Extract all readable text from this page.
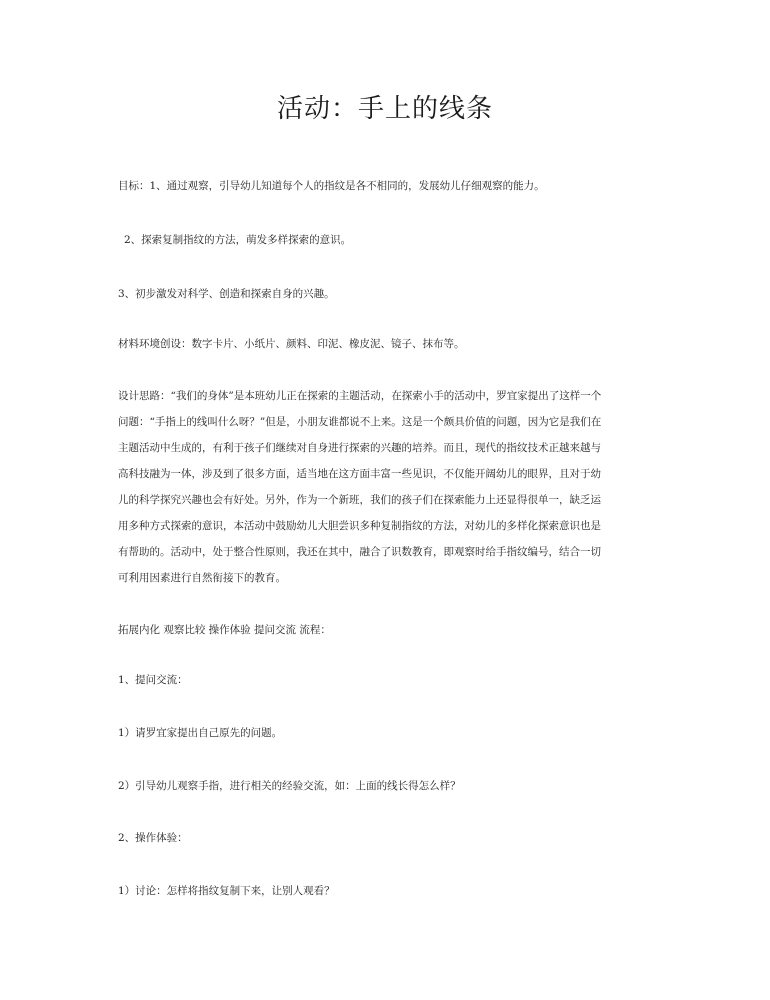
活动：手上的线条

目标：1、通过观察，引导幼儿知道每个人的指纹是各不相同的，发展幼儿仔细观察的能力。

2、探索复制指纹的方法，萌发多样探索的意识。

3、初步激发对科学、创造和探索自身的兴趣。

材料环境创设：数字卡片、小纸片、颜料、印泥、橡皮泥、镜子、抹布等。

设计思路：“我们的身体”是本班幼儿正在探索的主题活动，在探索小手的活动中，罗宜家提出了这样一个
问题：“手指上的线叫什么呀？”但是，小朋友谁都说不上来。这是一个颇具价值的问题，因为它是我们在
主题活动中生成的，有利于孩子们继续对自身进行探索的兴趣的培养。而且，现代的指纹技术正越来越与
高科技融为一体，涉及到了很多方面，适当地在这方面丰富一些见识，不仅能开阔幼儿的眼界，且对于幼
儿的科学探究兴趣也会有好处。另外，作为一个新班，我们的孩子们在探索能力上还显得很单一，缺乏运
用多种方式探索的意识，本活动中鼓励幼儿大胆尝识多种复制指纹的方法，对幼儿的多样化探索意识也是
有帮助的。活动中，处于整合性原则，我还在其中，融合了识数教育，即观察时给手指纹编号，结合一切
可利用因素进行自然衔接下的教育。

拓展内化 观察比较 操作体验 提问交流 流程：

1、提问交流：

1）请罗宜家提出自己原先的问题。

2）引导幼儿观察手指，进行相关的经验交流，如：上面的线长得怎么样？

2、操作体验：

1）讨论：怎样将指纹复制下来，让别人观看？
